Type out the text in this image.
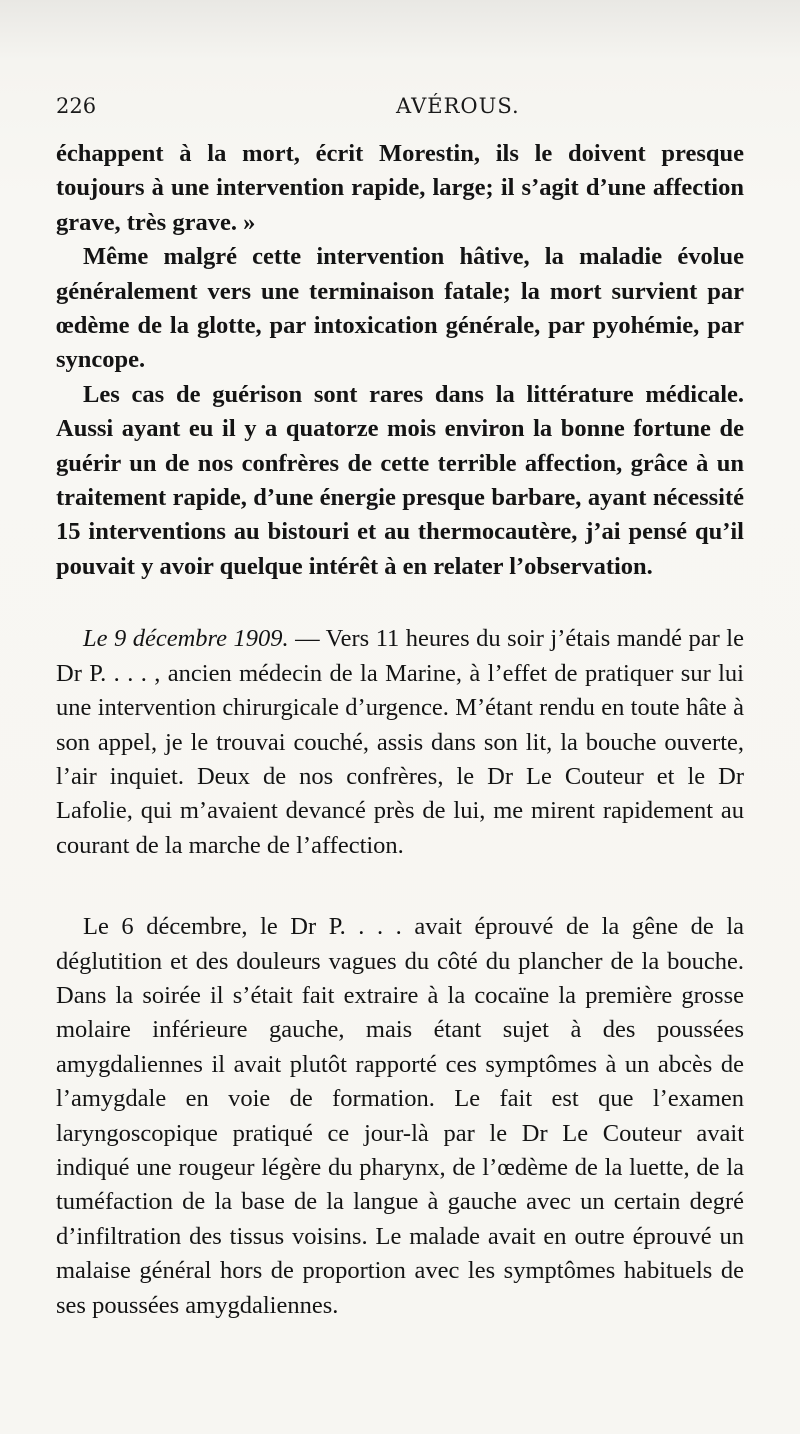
226	AVÉROUS.

échappent à la mort, écrit Morestin, ils le doivent presque toujours à une intervention rapide, large; il s’agit d’une affection grave, très grave. »

Même malgré cette intervention hâtive, la maladie évolue généralement vers une terminaison fatale; la mort survient par œdème de la glotte, par intoxication générale, par pyohémie, par syncope.

Les cas de guérison sont rares dans la littérature médicale. Aussi ayant eu il y a quatorze mois environ la bonne fortune de guérir un de nos confrères de cette terrible affection, grâce à un traitement rapide, d’une énergie presque barbare, ayant nécessité 15 interventions au bistouri et au thermocautère, j’ai pensé qu’il pouvait y avoir quelque intérêt à en relater l’observation.

Le 9 décembre 1909. — Vers 11 heures du soir j’étais mandé par le Dr P. . . . , ancien médecin de la Marine, à l’effet de pratiquer sur lui une intervention chirurgicale d’urgence. M’étant rendu en toute hâte à son appel, je le trouvai couché, assis dans son lit, la bouche ouverte, l’air inquiet. Deux de nos confrères, le Dr Le Couteur et le Dr Lafolie, qui m’avaient devancé près de lui, me mirent rapidement au courant de la marche de l’affection.

Le 6 décembre, le Dr P. . . . avait éprouvé de la gêne de la déglutition et des douleurs vagues du côté du plancher de la bouche. Dans la soirée il s’était fait extraire à la cocaïne la première grosse molaire inférieure gauche, mais étant sujet à des poussées amygdaliennes il avait plutôt rapporté ces symptômes à un abcès de l’amygdale en voie de formation. Le fait est que l’examen laryngoscopique pratiqué ce jour-là par le Dr Le Couteur avait indiqué une rougeur légère du pharynx, de l’œdème de la luette, de la tuméfaction de la base de la langue à gauche avec un certain degré d’infiltration des tissus voisins. Le malade avait en outre éprouvé un malaise général hors de proportion avec les symptômes habituels de ses poussées amygdaliennes.
